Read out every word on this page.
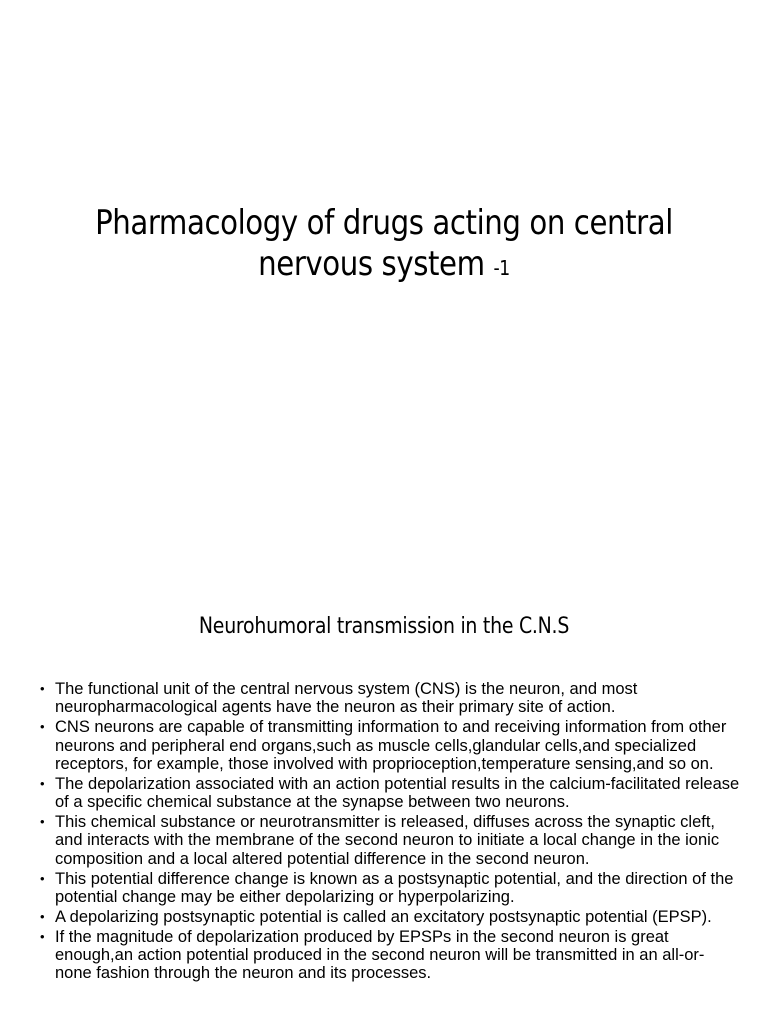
Pharmacology of drugs acting on central nervous system -1
Neurohumoral transmission in the C.N.S
• The functional unit of the central nervous system (CNS) is the neuron, and most neuropharmacological agents have the neuron as their primary site of action.
• CNS neurons are capable of transmitting information to and receiving information from other neurons and peripheral end organs,such as muscle cells,glandular cells,and specialized receptors, for example, those involved with proprioception,temperature sensing,and so on.
• The depolarization associated with an action potential results in the calcium-facilitated release of a specific chemical substance at the synapse between two neurons.
• This chemical substance or neurotransmitter is released, diffuses across the synaptic cleft, and interacts with the membrane of the second neuron to initiate a local change in the ionic composition and a local altered potential difference in the second neuron.
• This potential difference change is known as a postsynaptic potential, and the direction of the potential change may be either depolarizing or hyperpolarizing.
• A depolarizing postsynaptic potential is called an excitatory postsynaptic potential (EPSP).
• If the magnitude of depolarization produced by EPSPs in the second neuron is great enough,an action potential produced in the second neuron will be transmitted in an all-or-none fashion through the neuron and its processes.
